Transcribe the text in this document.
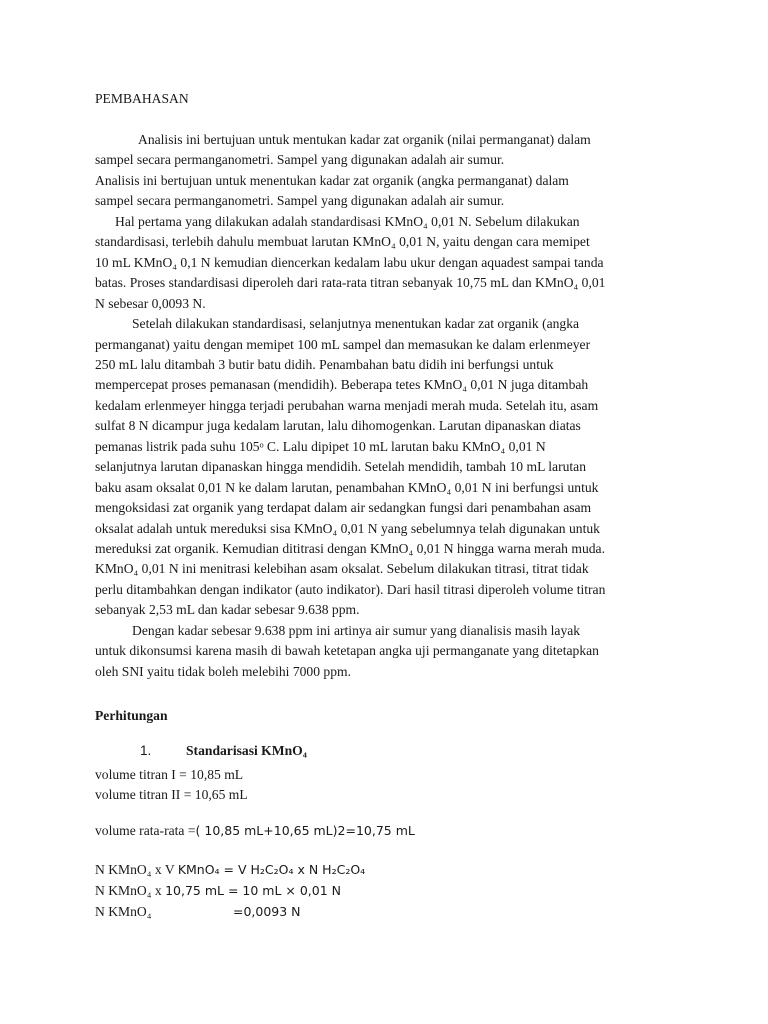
PEMBAHASAN
Analisis ini bertujuan untuk mentukan kadar zat organik (nilai permanganat) dalam
sampel secara permanganometri. Sampel yang digunakan adalah air sumur.
Analisis ini bertujuan untuk menentukan kadar zat organik (angka permanganat) dalam
sampel secara permanganometri. Sampel yang digunakan adalah air sumur.
Hal pertama yang dilakukan adalah standardisasi KMnO₄ 0,01 N. Sebelum dilakukan
standardisasi, terlebih dahulu membuat larutan KMnO₄ 0,01 N, yaitu dengan cara memipet
10 mL KMnO₄ 0,1 N kemudian diencerkan kedalam labu ukur dengan aquadest sampai tanda
batas. Proses standardisasi diperoleh dari rata-rata titran sebanyak 10,75 mL dan KMnO₄ 0,01
N sebesar 0,0093 N.
Setelah dilakukan standardisasi, selanjutnya menentukan kadar zat organik (angka
permanganat) yaitu dengan memipet 100 mL sampel dan memasukan ke dalam erlenmeyer
250 mL lalu ditambah 3 butir batu didih. Penambahan batu didih ini berfungsi untuk
mempercepat proses pemanasan (mendidih). Beberapa tetes KMnO₄ 0,01 N juga ditambah
kedalam erlenmeyer hingga terjadi perubahan warna menjadi merah muda. Setelah itu, asam
sulfat 8 N dicampur juga kedalam larutan, lalu dihomogenkan. Larutan dipanaskan diatas
pemanas listrik pada suhu 105ᵒ C. Lalu dipipet 10 mL larutan baku KMnO₄ 0,01 N
selanjutnya larutan dipanaskan hingga mendidih. Setelah mendidih, tambah 10 mL larutan
baku asam oksalat 0,01 N ke dalam larutan, penambahan KMnO₄ 0,01 N ini berfungsi untuk
mengoksidasi zat organik yang terdapat dalam air sedangkan fungsi dari penambahan asam
oksalat adalah untuk mereduksi sisa KMnO₄ 0,01 N yang sebelumnya telah digunakan untuk
mereduksi zat organik. Kemudian dititrasi dengan KMnO₄ 0,01 N hingga warna merah muda.
KMnO₄ 0,01 N ini menitrasi kelebihan asam oksalat. Sebelum dilakukan titrasi, titrat tidak
perlu ditambahkan dengan indikator (auto indikator). Dari hasil titrasi diperoleh volume titran
sebanyak 2,53 mL dan kadar sebesar 9.638 ppm.
Dengan kadar sebesar 9.638 ppm ini artinya air sumur yang dianalisis masih layak
untuk dikonsumsi karena masih di bawah ketetapan angka uji permanganate yang ditetapkan
oleh SNI yaitu tidak boleh melebihi 7000 ppm.
Perhitungan
1.	Standarisasi KMnO₄
volume titran I = 10,85 mL
volume titran II = 10,65 mL
volume rata-rata =( 10,85 mL+10,65 mL)2=10,75 mL
N KMnO₄ x V KMnO₄ = V H₂C₂O₄ x N H₂C₂O₄
N KMnO₄ x 10,75 mL = 10 mL × 0,01 N
N KMnO₄	=0,0093 N
